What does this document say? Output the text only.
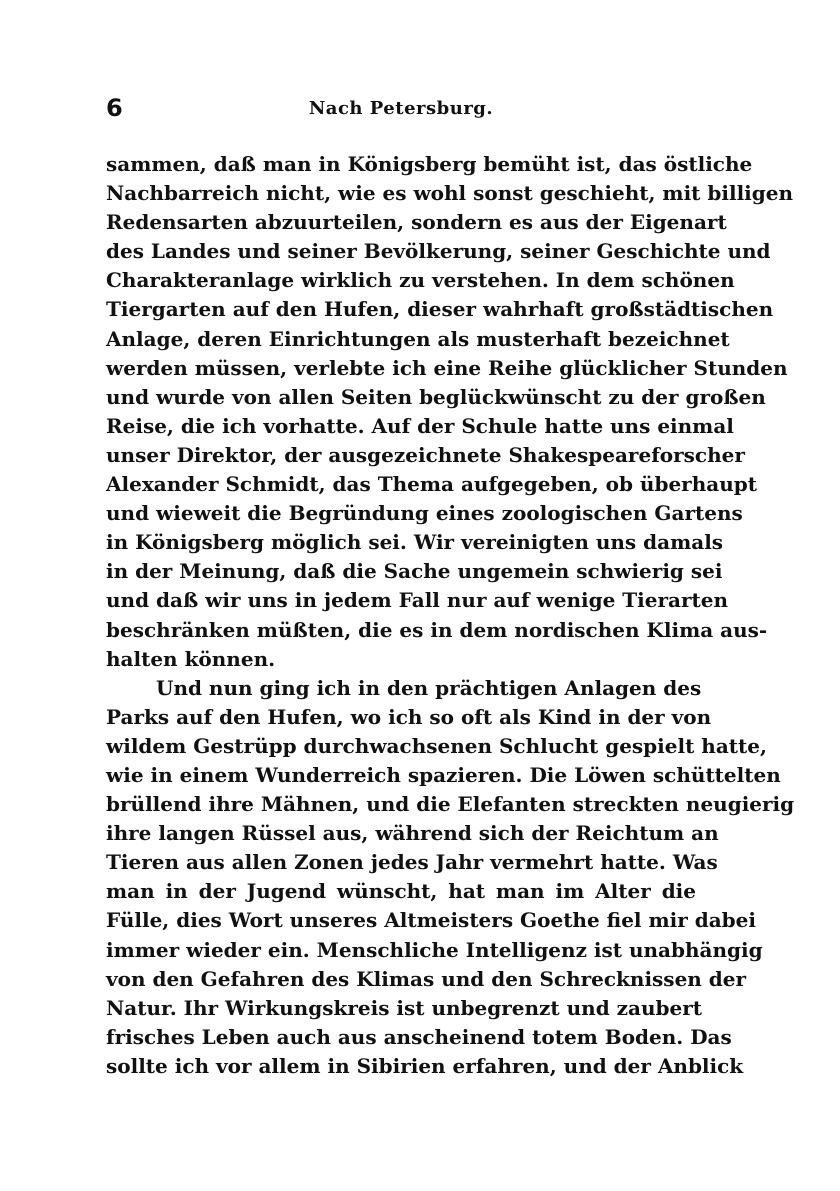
6	Nach Petersburg.
sammen, daß man in Königsberg bemüht ist, das östliche
Nachbarreich nicht, wie es wohl sonst geschieht, mit billigen
Redensarten abzuurteilen, sondern es aus der Eigenart
des Landes und seiner Bevölkerung, seiner Geschichte und
Charakteranlage wirklich zu verstehen. In dem schönen
Tiergarten auf den Hufen, dieser wahrhaft großstädtischen
Anlage, deren Einrichtungen als musterhaft bezeichnet
werden müssen, verlebte ich eine Reihe glücklicher Stunden
und wurde von allen Seiten beglückwünscht zu der großen
Reise, die ich vorhatte. Auf der Schule hatte uns einmal
unser Direktor, der ausgezeichnete Shakespeareforscher
Alexander Schmidt, das Thema aufgegeben, ob überhaupt
und wieweit die Begründung eines zoologischen Gartens
in Königsberg möglich sei. Wir vereinigten uns damals
in der Meinung, daß die Sache ungemein schwierig sei
und daß wir uns in jedem Fall nur auf wenige Tierarten
beschränken müßten, die es in dem nordischen Klima aus-
halten können.
Und nun ging ich in den prächtigen Anlagen des
Parks auf den Hufen, wo ich so oft als Kind in der von
wildem Gestrüpp durchwachsenen Schlucht gespielt hatte,
wie in einem Wunderreich spazieren. Die Löwen schüttelten
brüllend ihre Mähnen, und die Elefanten streckten neugierig
ihre langen Rüssel aus, während sich der Reichtum an
Tieren aus allen Zonen jedes Jahr vermehrt hatte. Was
man in der Jugend wünscht, hat man im Alter die
Fülle, dies Wort unseres Altmeisters Goethe fiel mir dabei
immer wieder ein. Menschliche Intelligenz ist unabhängig
von den Gefahren des Klimas und den Schrecknissen der
Natur. Ihr Wirkungskreis ist unbegrenzt und zaubert
frisches Leben auch aus anscheinend totem Boden. Das
sollte ich vor allem in Sibirien erfahren, und der Anblick
